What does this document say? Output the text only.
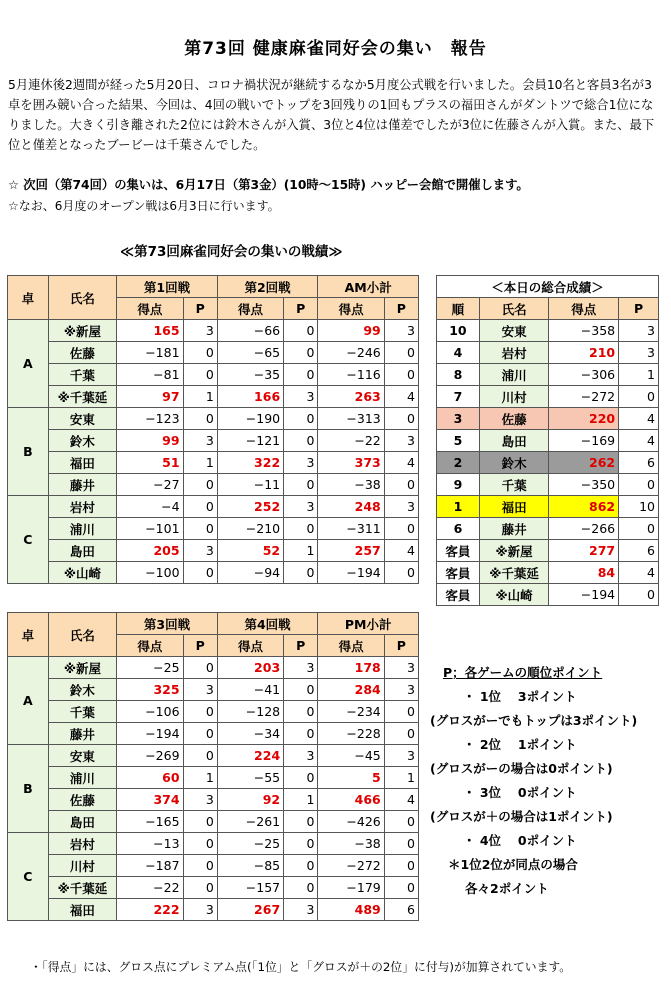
第73回 健康麻雀同好会の集い　報告
5月連休後2週間が経った5月20日、コロナ禍状況が継続するなか5月度公式戦を行いました。会員10名と客員3名が3卓を囲み競い合った結果、今回は、4回の戦いでトップを3回残りの1回もプラスの福田さんがダントツで総合1位になりました。大きく引き離された2位には鈴木さんが入賞、3位と4位は僅差でしたが3位に佐藤さんが入賞。また、最下位と僅差となったブービーは千葉さんでした。
☆ 次回（第74回）の集いは、6月17日（第3金）(10時〜15時) ハッピー会館で開催します。
☆なお、6月度のオープン戦は6月3日に行います。
≪第73回麻雀同好会の集いの戦績≫
卓	氏名	第1回戦		第2回戦		AM小計	
		得点	P	得点	P	得点	P
A	※新屋	165	3	−66	0	99	3
	佐藤	−181	0	−65	0	−246	0
	千葉	−81	0	−35	0	−116	0
	※千葉延	97	1	166	3	263	4
B	安東	−123	0	−190	0	−313	0
	鈴木	99	3	−121	0	−22	3
	福田	51	1	322	3	373	4
	藤井	−27	0	−11	0	−38	0
C	岩村	−4	0	252	3	248	3
	浦川	−101	0	−210	0	−311	0
	島田	205	3	52	1	257	4
	※山崎	−100	0	−94	0	−194	0
卓	氏名	第3回戦		第4回戦		PM小計	
		得点	P	得点	P	得点	P
A	※新屋	−25	0	203	3	178	3
	鈴木	325	3	−41	0	284	3
	千葉	−106	0	−128	0	−234	0
	藤井	−194	0	−34	0	−228	0
B	安東	−269	0	224	3	−45	3
	浦川	60	1	−55	0	5	1
	佐藤	374	3	92	1	466	4
	島田	−165	0	−261	0	−426	0
C	岩村	−13	0	−25	0	−38	0
	川村	−187	0	−85	0	−272	0
	※千葉延	−22	0	−157	0	−179	0
	福田	222	3	267	3	489	6
＜本日の総合成績＞			
順	氏名	得点	P
10	安東	−358	3
4	岩村	210	3
8	浦川	−306	1
7	川村	−272	0
3	佐藤	220	4
5	島田	−169	4
2	鈴木	262	6
9	千葉	−350	0
1	福田	862	10
6	藤井	−266	0
客員	※新屋	277	6
客員	※千葉延	84	4
客員	※山崎	−194	0
P；各ゲームの順位ポイント
・ 1位　 3ポイント
(グロスがーでもトップは3ポイント)
・ 2位　 1ポイント
(グロスがーの場合は0ポイント)
・ 3位　 0ポイント
(グロスが＋の場合は1ポイント)
・ 4位　 0ポイント
＊1位2位が同点の場合
各々2ポイント
・「得点」には、グロス点にプレミアム点(「1位」と「グロスが＋の2位」に付与)が加算されています。
